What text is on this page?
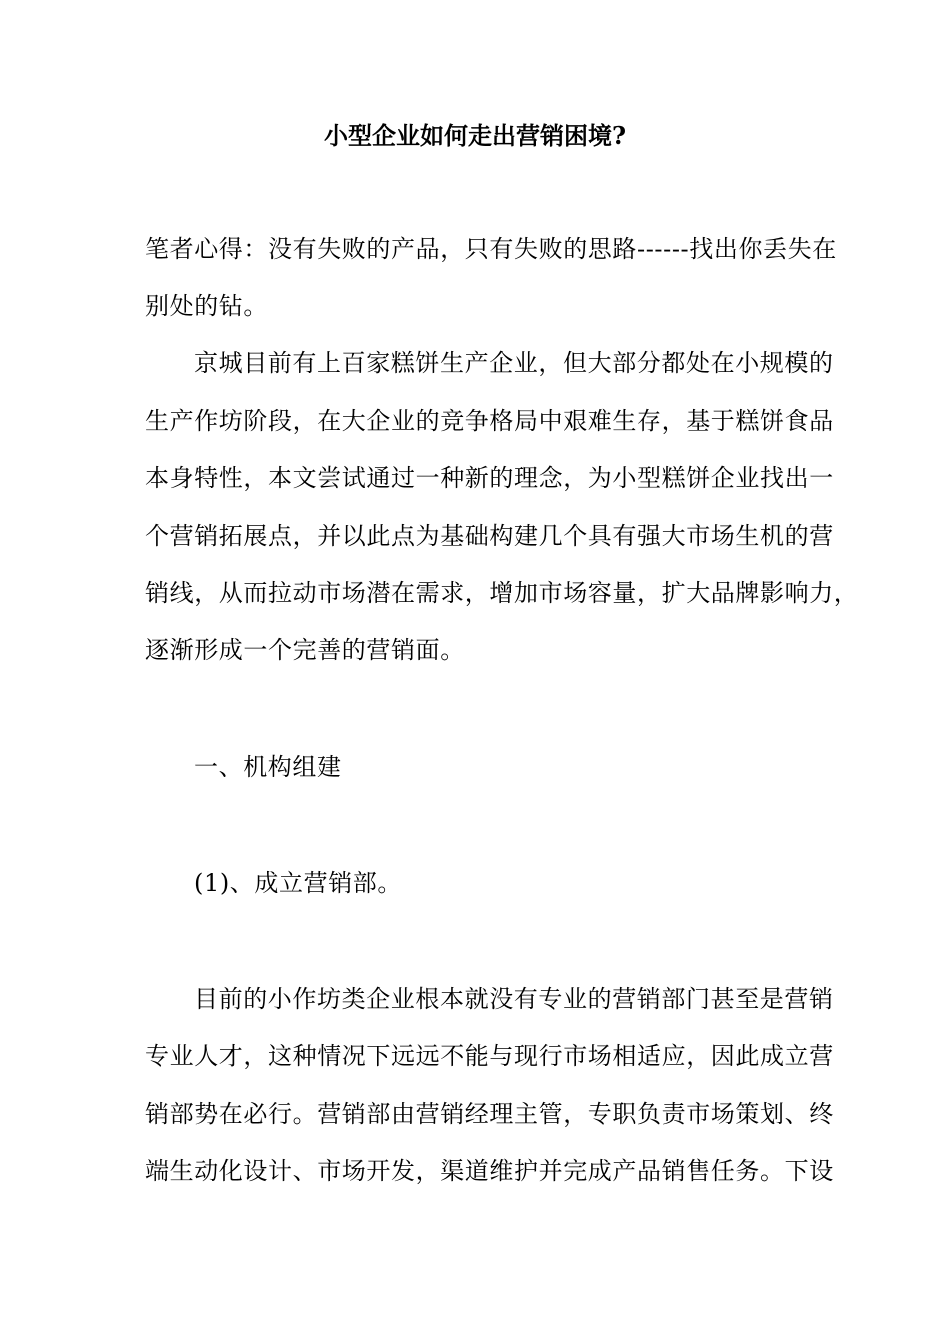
小型企业如何走出营销困境?
笔者心得：没有失败的产品，只有失败的思路------找出你丢失在
别处的钻。
京城目前有上百家糕饼生产企业，但大部分都处在小规模的
生产作坊阶段，在大企业的竞争格局中艰难生存，基于糕饼食品
本身特性，本文尝试通过一种新的理念，为小型糕饼企业找出一
个营销拓展点，并以此点为基础构建几个具有强大市场生机的营
销线，从而拉动市场潜在需求，增加市场容量，扩大品牌影响力，
逐渐形成一个完善的营销面。
一、机构组建
(1)、成立营销部。
目前的小作坊类企业根本就没有专业的营销部门甚至是营销
专业人才，这种情况下远远不能与现行市场相适应，因此成立营
销部势在必行。营销部由营销经理主管，专职负责市场策划、终
端生动化设计、市场开发，渠道维护并完成产品销售任务。下设
